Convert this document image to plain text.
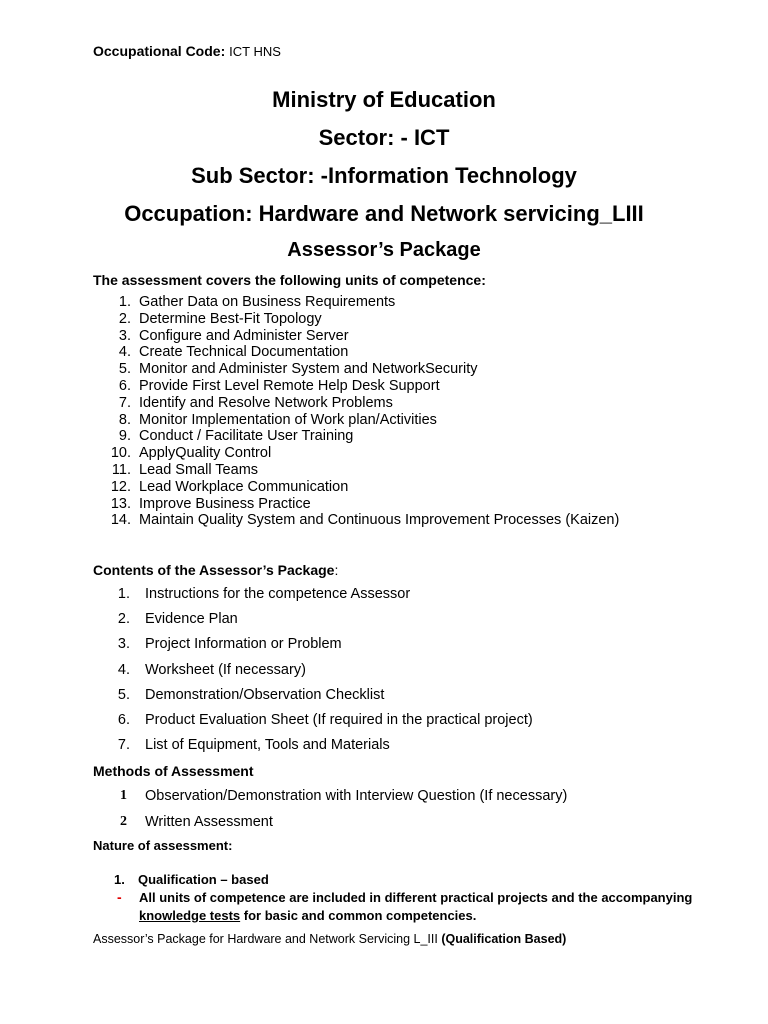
Occupational Code: ICT HNS
Ministry of Education
Sector: - ICT
Sub Sector: -Information Technology
Occupation: Hardware and Network servicing_LIII
Assessor’s Package

The assessment covers the following units of competence:

1. Gather Data on Business Requirements
2. Determine Best-Fit Topology
3. Configure and Administer Server
4. Create Technical Documentation
5. Monitor and Administer System and NetworkSecurity
6. Provide First Level Remote Help Desk Support
7. Identify and Resolve Network Problems
8. Monitor Implementation of Work plan/Activities
9. Conduct / Facilitate User Training
10. ApplyQuality Control
11. Lead Small Teams
12. Lead Workplace Communication
13. Improve Business Practice
14. Maintain Quality System and Continuous Improvement Processes (Kaizen)

Contents of the Assessor’s Package:

1. Instructions for the competence Assessor
2. Evidence Plan
3. Project Information or Problem
4. Worksheet (If necessary)
5. Demonstration/Observation Checklist
6. Product Evaluation Sheet (If required in the practical project)
7. List of Equipment, Tools and Materials

Methods of Assessment

1 Observation/Demonstration with Interview Question (If necessary)
2 Written Assessment

Nature of assessment:

1. Qualification – based
- All units of competence are included in different practical projects and the accompanying knowledge tests for basic and common competencies.
Assessor’s Package for Hardware and Network Servicing L_III (Qualification Based)
